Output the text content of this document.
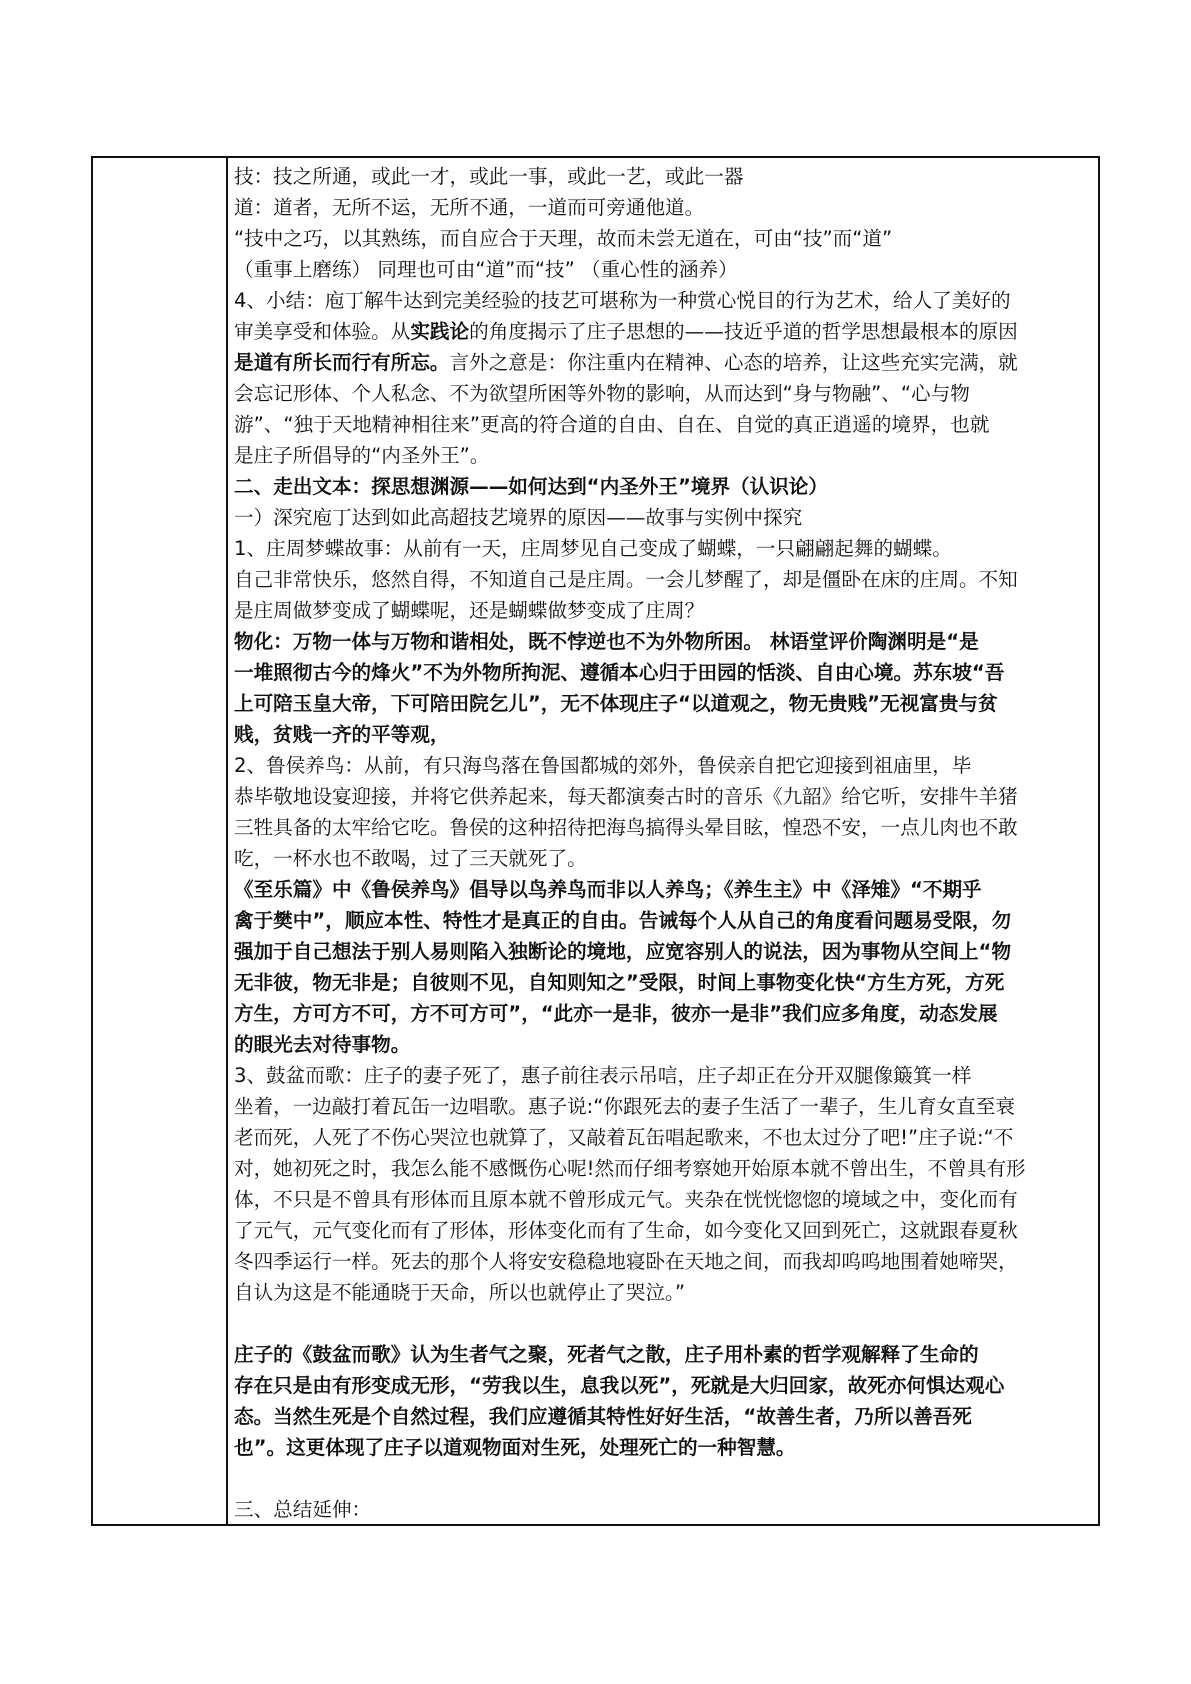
技：技之所通，或此一才，或此一事，或此一艺，或此一器
道：道者，无所不运，无所不通，一道而可旁通他道。
“技中之巧，以其熟练，而自应合于天理，故而未尝无道在，可由“技”而“道”
（重事上磨练） 同理也可由“道”而“技” （重心性的涵养）
4、小结：庖丁解牛达到完美经验的技艺可堪称为一种赏心悦目的行为艺术，给人了美好的
审美享受和体验。从实践论的角度揭示了庄子思想的——技近乎道的哲学思想最根本的原因
是道有所长而行有所忘。言外之意是：你注重内在精神、心态的培养，让这些充实完满，就
会忘记形体、个人私念、不为欲望所困等外物的影响，从而达到“身与物融”、“心与物
游”、“独于天地精神相往来”更高的符合道的自由、自在、自觉的真正逍遥的境界，也就
是庄子所倡导的“内圣外王”。
二、走出文本：探思想渊源——如何达到“内圣外王”境界（认识论）
一）深究庖丁达到如此高超技艺境界的原因——故事与实例中探究
1、庄周梦蝶故事：从前有一天，庄周梦见自己变成了蝴蝶，一只翩翩起舞的蝴蝶。
自己非常快乐，悠然自得，不知道自己是庄周。一会儿梦醒了，却是僵卧在床的庄周。不知
是庄周做梦变成了蝴蝶呢，还是蝴蝶做梦变成了庄周？
物化：万物一体与万物和谐相处，既不悖逆也不为外物所困。 林语堂评价陶渊明是“是
一堆照彻古今的烽火”不为外物所拘泥、遵循本心归于田园的恬淡、自由心境。苏东坡“吾
上可陪玉皇大帝，下可陪田院乞儿”，无不体现庄子“以道观之，物无贵贱”无视富贵与贫
贱，贫贱一齐的平等观，
2、鲁侯养鸟：从前，有只海鸟落在鲁国都城的郊外，鲁侯亲自把它迎接到祖庙里，毕
恭毕敬地设宴迎接，并将它供养起来，每天都演奏古时的音乐《九韶》给它听，安排牛羊猪
三牲具备的太牢给它吃。鲁侯的这种招待把海鸟搞得头晕目眩，惶恐不安，一点儿肉也不敢
吃，一杯水也不敢喝，过了三天就死了。
《至乐篇》中《鲁侯养鸟》倡导以鸟养鸟而非以人养鸟；《养生主》中《泽雉》“不期乎
禽于樊中”，顺应本性、特性才是真正的自由。告诫每个人从自己的角度看问题易受限，勿
强加于自己想法于别人易则陷入独断论的境地，应宽容别人的说法，因为事物从空间上“物
无非彼，物无非是；自彼则不见，自知则知之”受限，时间上事物变化快“方生方死，方死
方生，方可方不可，方不可方可”，“此亦一是非，彼亦一是非”我们应多角度，动态发展
的眼光去对待事物。
3、鼓盆而歌：庄子的妻子死了，惠子前往表示吊唁，庄子却正在分开双腿像簸箕一样
坐着，一边敲打着瓦缶一边唱歌。惠子说:“你跟死去的妻子生活了一辈子，生儿育女直至衰
老而死，人死了不伤心哭泣也就算了，又敲着瓦缶唱起歌来，不也太过分了吧!”庄子说:“不
对，她初死之时，我怎么能不感慨伤心呢!然而仔细考察她开始原本就不曾出生，不曾具有形
体，不只是不曾具有形体而且原本就不曾形成元气。夹杂在恍恍惚惚的境域之中，变化而有
了元气，元气变化而有了形体，形体变化而有了生命，如今变化又回到死亡，这就跟春夏秋
冬四季运行一样。死去的那个人将安安稳稳地寝卧在天地之间，而我却呜呜地围着她啼哭，
自认为这是不能通晓于天命，所以也就停止了哭泣。”
庄子的《鼓盆而歌》认为生者气之聚，死者气之散，庄子用朴素的哲学观解释了生命的
存在只是由有形变成无形，“劳我以生，息我以死”，死就是大归回家，故死亦何惧达观心
态。当然生死是个自然过程，我们应遵循其特性好好生活，“故善生者，乃所以善吾死
也”。这更体现了庄子以道观物面对生死，处理死亡的一种智慧。
三、总结延伸：
